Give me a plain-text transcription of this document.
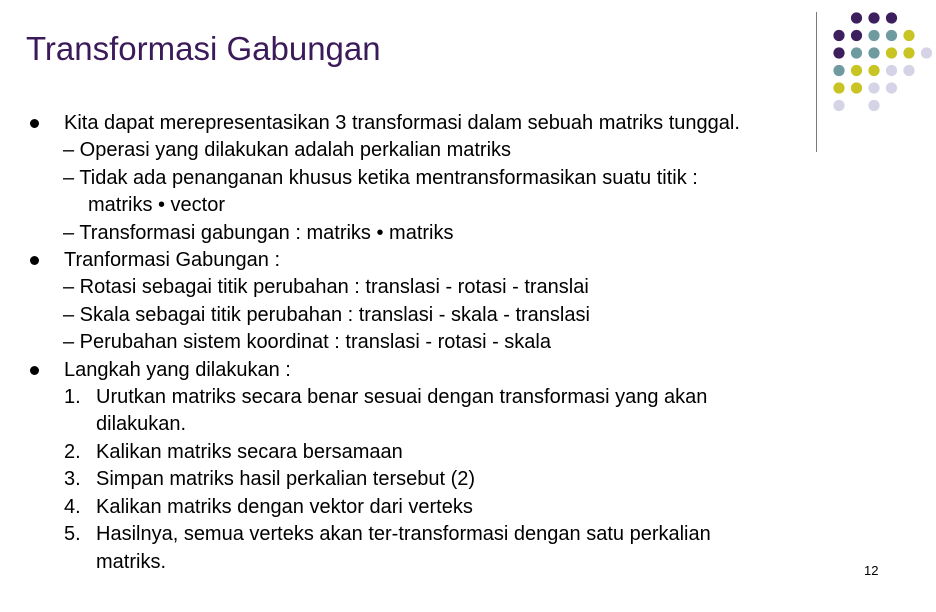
Transformasi Gabungan
Kita dapat merepresentasikan 3 transformasi dalam sebuah matriks tunggal.
– Operasi yang dilakukan adalah perkalian matriks
– Tidak ada penanganan khusus ketika mentransformasikan suatu titik :
matriks • vector
– Transformasi gabungan : matriks • matriks
Tranformasi Gabungan :
– Rotasi sebagai titik perubahan : translasi - rotasi - translai
– Skala sebagai titik perubahan : translasi - skala - translasi
– Perubahan sistem koordinat : translasi - rotasi - skala
Langkah yang dilakukan :
1. Urutkan matriks secara benar sesuai dengan transformasi yang akan
dilakukan.
2. Kalikan matriks secara bersamaan
3. Simpan matriks hasil perkalian tersebut (2)
4. Kalikan matriks dengan vektor dari verteks
5. Hasilnya, semua verteks akan ter-transformasi dengan satu perkalian
matriks.	12
